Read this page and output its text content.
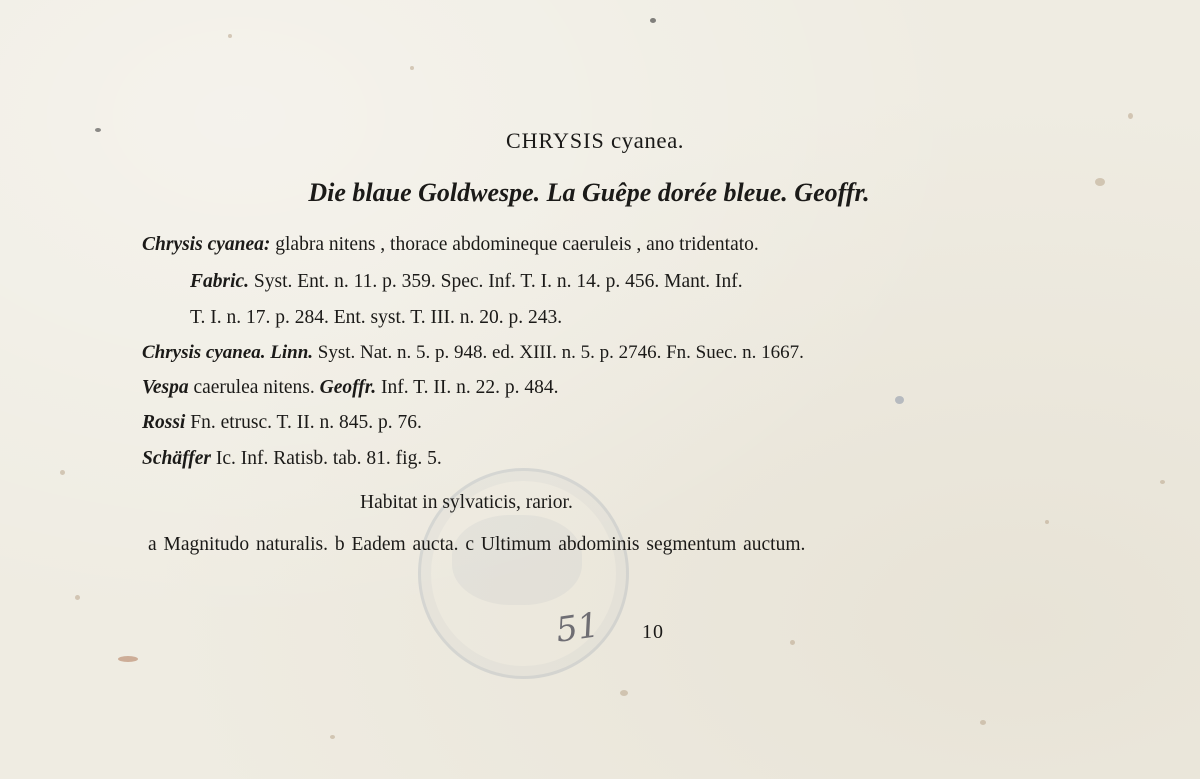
CHRYSIS cyanea.
Die blaue Goldwespe. La Guêpe dorée bleue. Geoffr.
Chrysis cyanea: glabra nitens , thorace abdomineque caeruleis , ano tridentato.
Fabric. Syst. Ent. n. 11. p. 359. Spec. Inf. T. I. n. 14. p. 456. Mant. Inf.
T. I. n. 17. p. 284. Ent. syst. T. III. n. 20. p. 243.
Chrysis cyanea. Linn. Syst. Nat. n. 5. p. 948. ed. XIII. n. 5. p. 2746. Fn. Suec. n. 1667.
Vespa caerulea nitens. Geoffr. Inf. T. II. n. 22. p. 484.
Rossi Fn. etrusc. T. II. n. 845. p. 76.
Schäffer Ic. Inf. Ratisb. tab. 81. fig. 5.
Habitat in sylvaticis, rarior.
a Magnitudo naturalis. b Eadem aucta. c Ultimum abdominis segmentum auctum.
51 10
